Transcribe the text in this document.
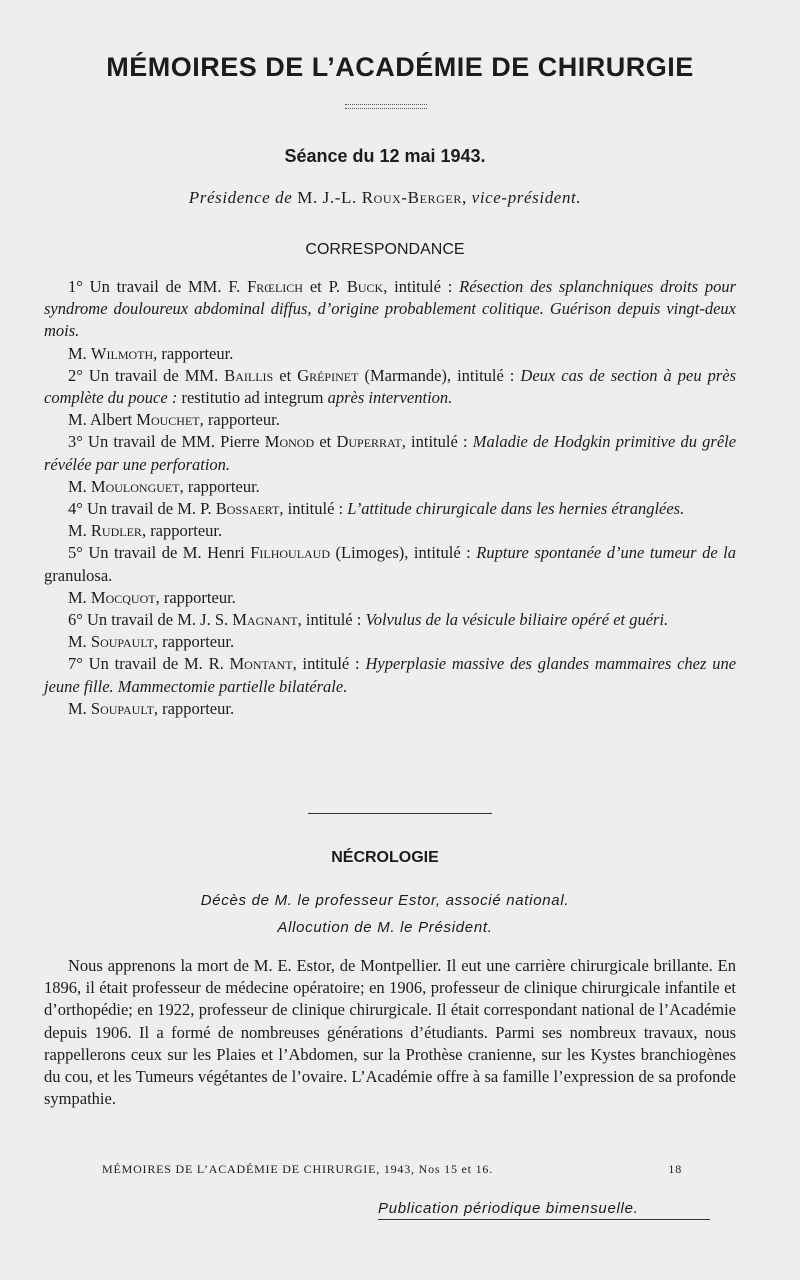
MÉMOIRES DE L’ACADÉMIE DE CHIRURGIE
Séance du 12 mai 1943.

Présidence de M. J.-L. Roux-Berger, vice-président.

CORRESPONDANCE

1° Un travail de MM. F. Frœlich et P. Buck, intitulé : Résection des splanchniques droits pour syndrome douloureux abdominal diffus, d’origine probablement colitique. Guérison depuis vingt-deux mois.

M. Wilmoth, rapporteur.

2° Un travail de MM. Baillis et Grépinet (Marmande), intitulé : Deux cas de section à peu près complète du pouce : restitutio ad integrum après intervention.

M. Albert Mouchet, rapporteur.

3° Un travail de MM. Pierre Monod et Duperrat, intitulé : Maladie de Hodgkin primitive du grêle révélée par une perforation.

M. Moulonguet, rapporteur.

4° Un travail de M. P. Bossaert, intitulé : L’attitude chirurgicale dans les hernies étranglées.

M. Rudler, rapporteur.

5° Un travail de M. Henri Filhoulaud (Limoges), intitulé : Rupture spontanée d’une tumeur de la granulosa.

M. Mocquot, rapporteur.

6° Un travail de M. J. S. Magnant, intitulé : Volvulus de la vésicule biliaire opéré et guéri.

M. Soupault, rapporteur.

7° Un travail de M. R. Montant, intitulé : Hyperplasie massive des glandes mammaires chez une jeune fille. Mammectomie partielle bilatérale.

M. Soupault, rapporteur.

NÉCROLOGIE

Décès de M. le professeur Estor, associé national.

Allocution de M. le Président.

Nous apprenons la mort de M. E. Estor, de Montpellier. Il eut une carrière chirurgicale brillante. En 1896, il était professeur de médecine opératoire; en 1906, professeur de clinique chirurgicale infantile et d’orthopédie; en 1922, professeur de clinique chirurgicale. Il était correspondant national de l’Académie depuis 1906. Il a formé de nombreuses générations d’étudiants. Parmi ses nombreux travaux, nous rappellerons ceux sur les Plaies et l’Abdomen, sur la Prothèse cranienne, sur les Kystes branchiogènes du cou, et les Tumeurs végétantes de l’ovaire. L’Académie offre à sa famille l’expression de sa profonde sympathie.

MÉMOIRES DE L’ACADÉMIE DE CHIRURGIE, 1943, Nos 15 et 16.	18

Publication périodique bimensuelle.
